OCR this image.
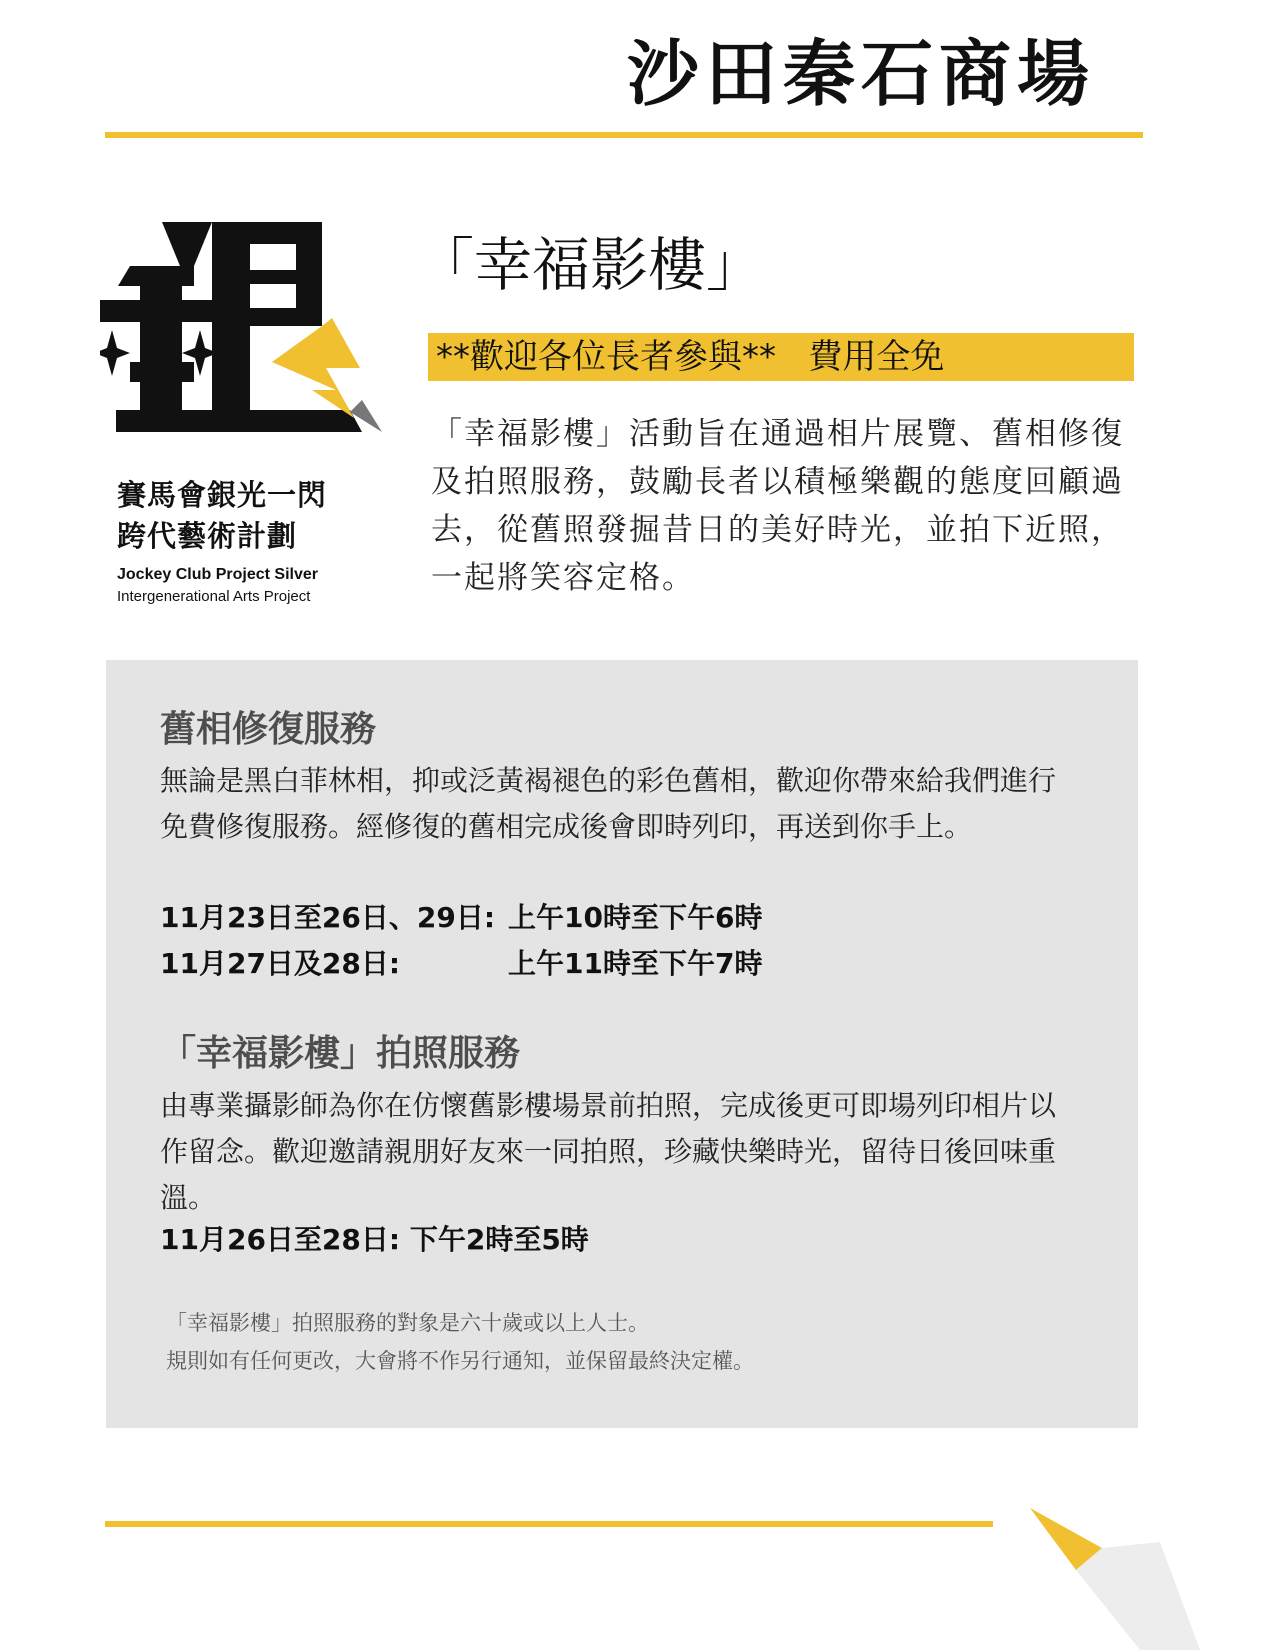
沙田秦石商場
賽馬會銀光一閃
跨代藝術計劃
Jockey Club Project Silver
Intergenerational Arts Project
「幸福影樓」
**歡迎各位長者參與**   費用全免
「幸福影樓」活動旨在通過相片展覽、舊相修復及拍照服務，鼓勵長者以積極樂觀的態度回顧過去，從舊照發掘昔日的美好時光，並拍下近照，一起將笑容定格。
舊相修復服務
無論是黑白菲林相，抑或泛黃褐褪色的彩色舊相，歡迎你帶來給我們進行免費修復服務。經修復的舊相完成後會即時列印，再送到你手上。
11月23日至26日、29日: 上午10時至下午6時
11月27日及28日:	上午11時至下午7時
「幸福影樓」拍照服務
由專業攝影師為你在仿懷舊影樓場景前拍照，完成後更可即場列印相片以作留念。歡迎邀請親朋好友來一同拍照，珍藏快樂時光，留待日後回味重溫。
11月26日至28日: 下午2時至5時
「幸福影樓」拍照服務的對象是六十歲或以上人士。
規則如有任何更改，大會將不作另行通知，並保留最終決定權。
